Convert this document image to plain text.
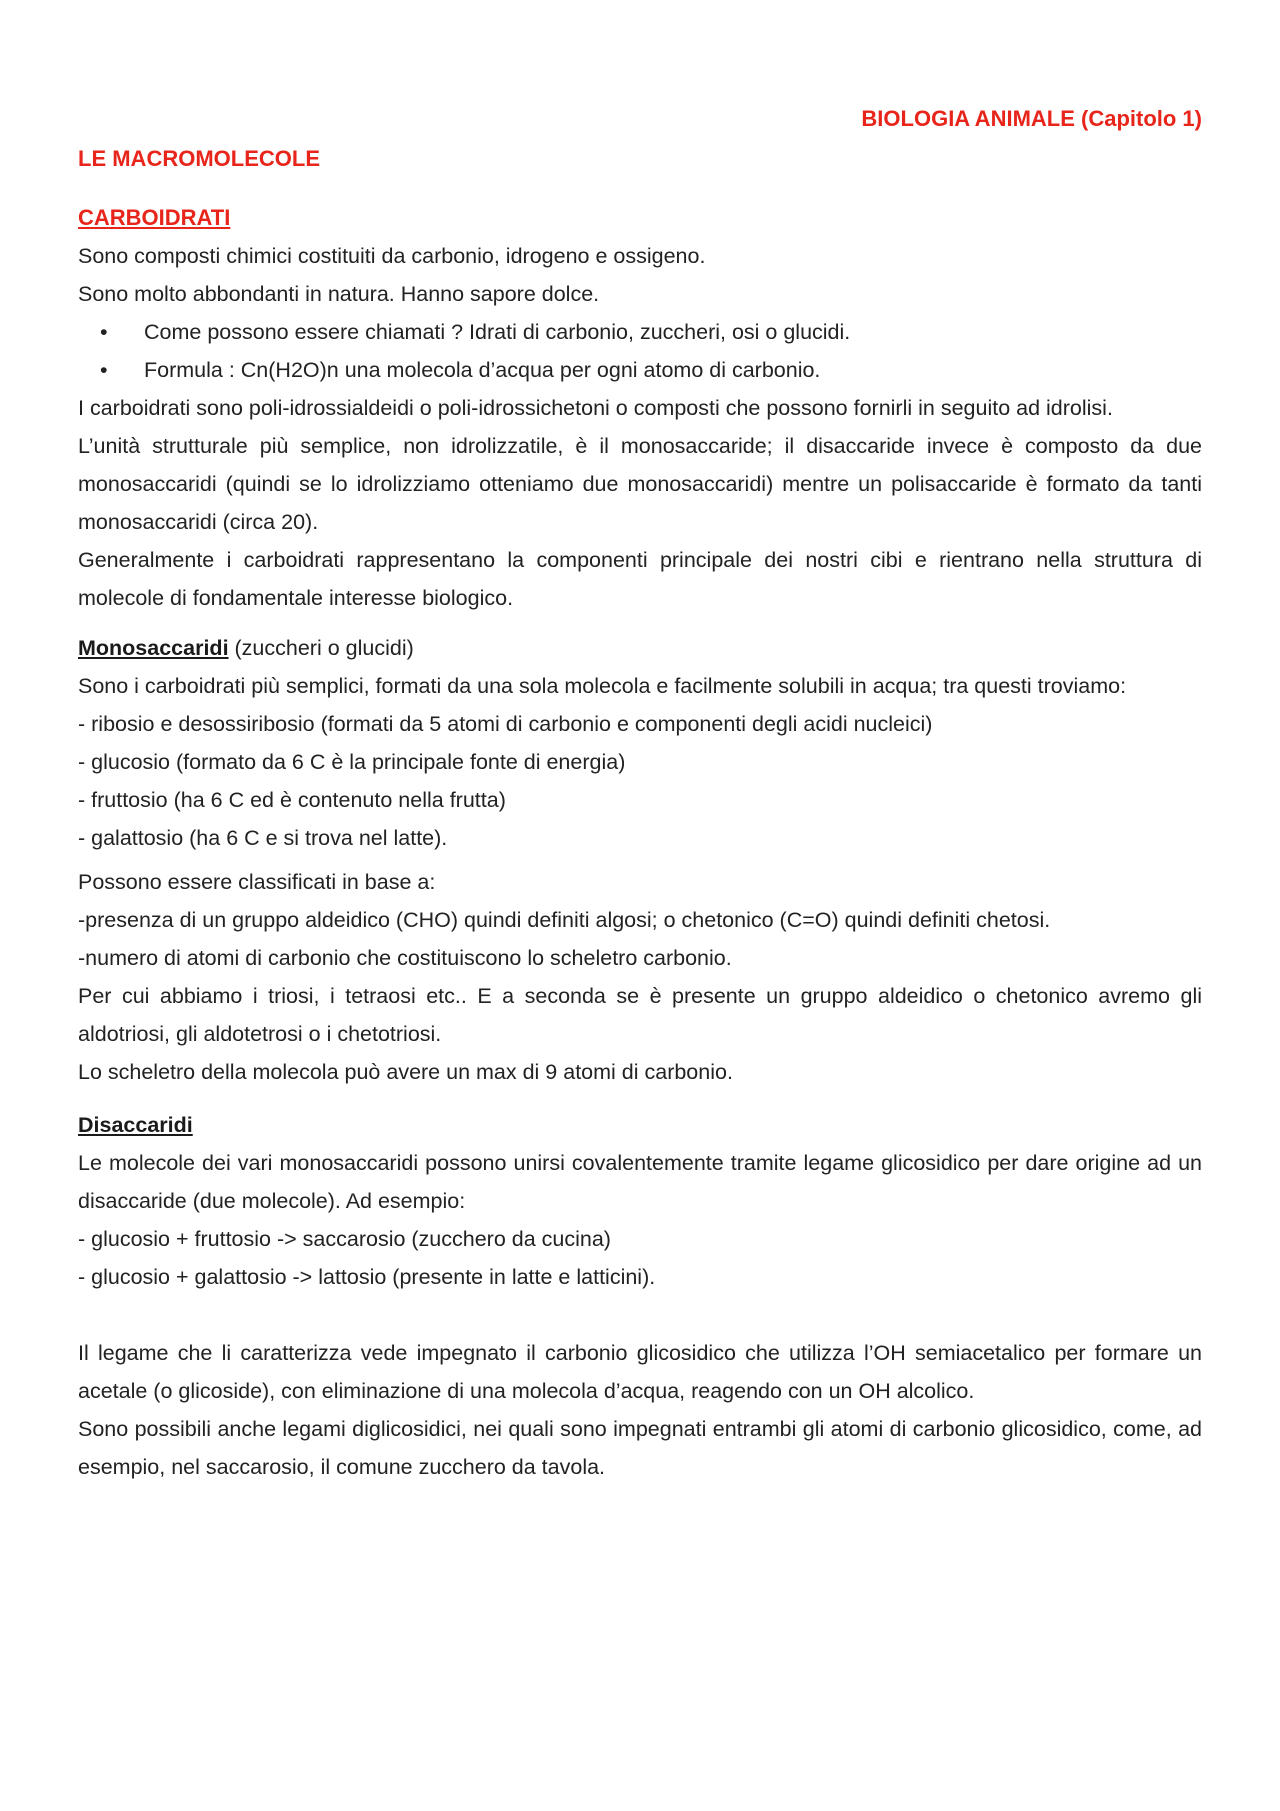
BIOLOGIA ANIMALE (Capitolo 1)
LE MACROMOLECOLE

CARBOIDRATI

Sono composti chimici costituiti da carbonio, idrogeno e ossigeno.

Sono molto abbondanti in natura. Hanno sapore dolce.

• Come possono essere chiamati ? Idrati di carbonio, zuccheri, osi o glucidi.
• Formula : Cn(H2O)n una molecola d’acqua per ogni atomo di carbonio.

I carboidrati sono poli-idrossialdeidi o poli-idrossichetoni o composti che possono fornirli in seguito ad idrolisi.

L’unità strutturale più semplice, non idrolizzatile, è il monosaccaride; il disaccaride invece è composto da due monosaccaridi (quindi se lo idrolizziamo otteniamo due monosaccaridi) mentre un polisaccaride è formato da tanti monosaccaridi (circa 20).

Generalmente i carboidrati rappresentano la componenti principale dei nostri cibi e rientrano nella struttura di molecole di fondamentale interesse biologico.

Monosaccaridi (zuccheri o glucidi)

Sono i carboidrati più semplici, formati da una sola molecola e facilmente solubili in acqua; tra questi troviamo:

- ribosio e desossiribosio (formati da 5 atomi di carbonio e componenti degli acidi nucleici)

- glucosio (formato da 6 C è la principale fonte di energia)

- fruttosio (ha 6 C ed è contenuto nella frutta)

- galattosio (ha 6 C e si trova nel latte).

Possono essere classificati in base a:

-presenza di un gruppo aldeidico (CHO) quindi definiti algosi; o chetonico (C=O) quindi definiti chetosi.

-numero di atomi di carbonio che costituiscono lo scheletro carbonio.

Per cui abbiamo i triosi, i tetraosi etc.. E a seconda se è presente un gruppo aldeidico o chetonico avremo gli aldotriosi, gli aldotetrosi o i chetotriosi.

Lo scheletro della molecola può avere un max di 9 atomi di carbonio.

Disaccaridi

Le molecole dei vari monosaccaridi possono unirsi covalentemente tramite legame glicosidico per dare origine ad un disaccaride (due molecole). Ad esempio:

- glucosio + fruttosio -> saccarosio (zucchero da cucina)

- glucosio + galattosio -> lattosio (presente in latte e latticini).

Il legame che li caratterizza vede impegnato il carbonio glicosidico che utilizza l’OH semiacetalico per formare un acetale (o glicoside), con eliminazione di una molecola d’acqua, reagendo con un OH alcolico.

Sono possibili anche legami diglicosidici, nei quali sono impegnati entrambi gli atomi di carbonio glicosidico, come, ad esempio, nel saccarosio, il comune zucchero da tavola.
